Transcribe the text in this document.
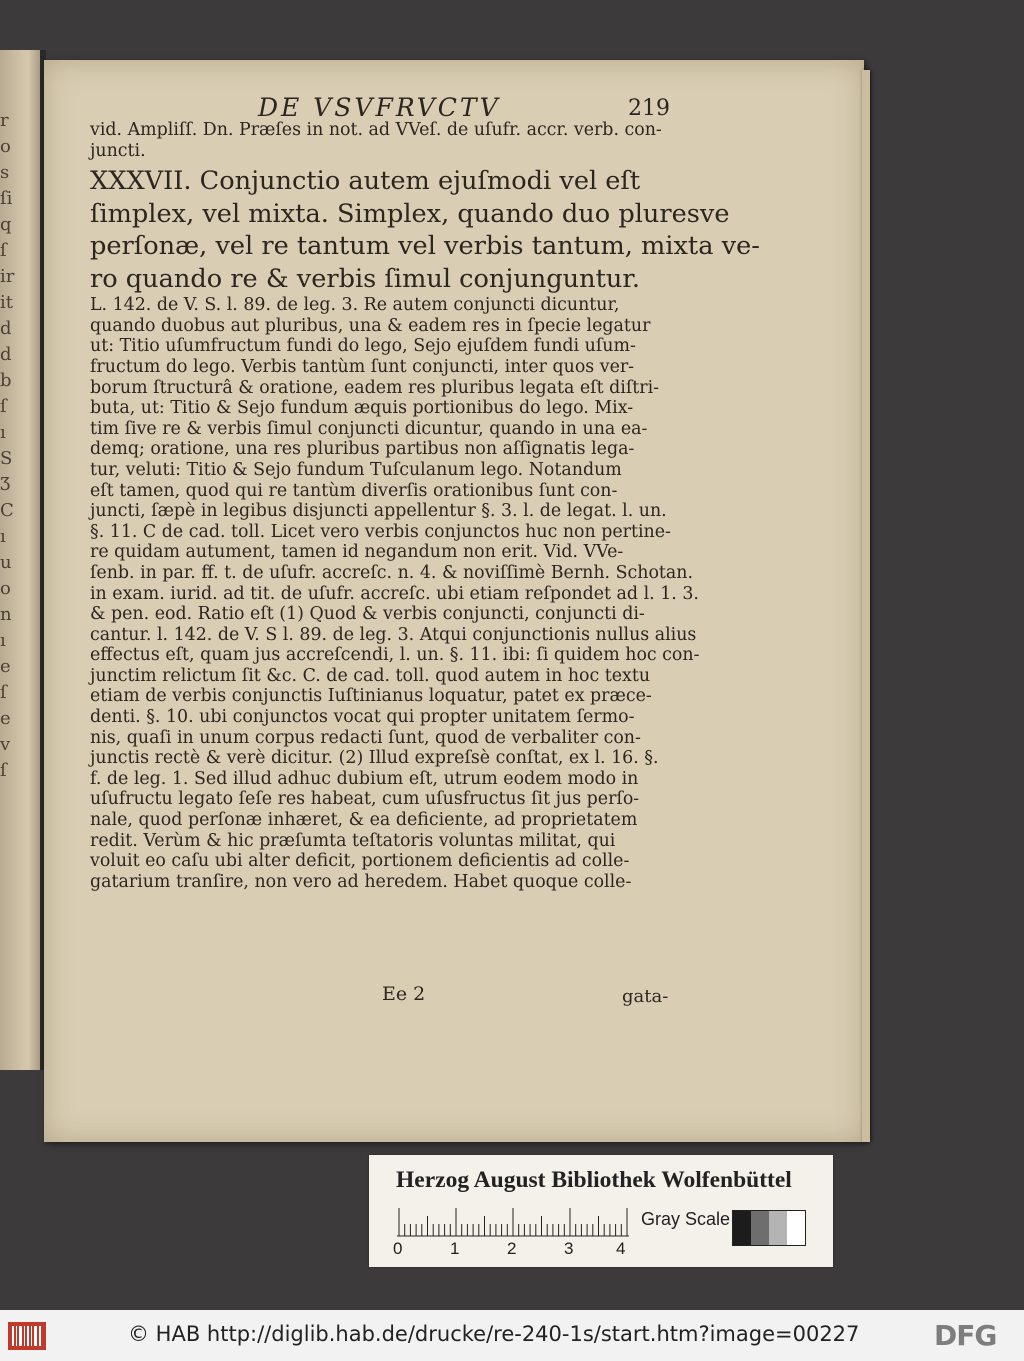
r
o
s
ſi
q
ſ
ir
it
d
d
b
ſ
ı
S
Ʒ
C
ı
u
o
n
ı
e
ſ
e
v
ſ
DE VSVFRVCTV	219
vid. Ampliſſ. Dn. Præſes in not. ad VVeſ. de uſufr. accr. verb. con-
juncti.
XXXVII. Conjunctio autem ejuſmodi vel eſt
ſimplex, vel mixta. Simplex, quando duo pluresve
perſonæ, vel re tantum vel verbis tantum, mixta ve-
ro quando re & verbis ſimul conjunguntur.
L. 142. de V. S. l. 89. de leg. 3. Re autem conjuncti dicuntur,
quando duobus aut pluribus, una & eadem res in ſpecie legatur
ut: Titio uſumfructum fundi do lego, Sejo ejuſdem fundi uſum-
fructum do lego. Verbis tantùm ſunt conjuncti, inter quos ver-
borum ſtructurâ & oratione, eadem res pluribus legata eſt diſtri-
buta, ut: Titio & Sejo fundum æquis portionibus do lego. Mix-
tim ſive re & verbis ſimul conjuncti dicuntur, quando in una ea-
demq; oratione, una res pluribus partibus non aſſignatis lega-
tur, veluti: Titio & Sejo fundum Tuſculanum lego. Notandum
eſt tamen, quod qui re tantùm diverſis orationibus ſunt con-
juncti, ſæpè in legibus disjuncti appellentur §. 3. l. de legat. l. un.
§. 11. C de cad. toll. Licet vero verbis conjunctos huc non pertine-
re quidam autument, tamen id negandum non erit. Vid. VVe-
ſenb. in par. ff. t. de uſufr. accreſc. n. 4. & noviſſimè Bernh. Schotan.
in exam. iurid. ad tit. de uſufr. accreſc. ubi etiam reſpondet ad l. 1. 3.
& pen. eod. Ratio eſt (1) Quod & verbis conjuncti, conjuncti di-
cantur. l. 142. de V. S l. 89. de leg. 3. Atqui conjunctionis nullus alius
effectus eſt, quam jus accreſcendi, l. un. §. 11. ibi: ſi quidem hoc con-
junctim relictum ſit &c. C. de cad. toll. quod autem in hoc textu
etiam de verbis conjunctis Iuſtinianus loquatur, patet ex præce-
denti. §. 10. ubi conjunctos vocat qui propter unitatem ſermo-
nis, quaſi in unum corpus redacti ſunt, quod de verbaliter con-
junctis rectè & verè dicitur. (2) Illud expreſsè conſtat, ex l. 16. §.
f. de leg. 1. Sed illud adhuc dubium eſt, utrum eodem modo in
uſufructu legato ſeſe res habeat, cum uſusfructus ſit jus perſo-
nale, quod perſonæ inhæret, & ea deficiente, ad proprietatem
redit. Verùm & hic præſumta teſtatoris voluntas militat, qui
voluit eo caſu ubi alter deficit, portionem deficientis ad colle-
gatarium tranſire, non vero ad heredem. Habet quoque colle-
Ee 2	gata-
Herzog August Bibliothek Wolfenbüttel
0	1	2	3	4
Gray Scale
© HAB http://diglib.hab.de/drucke/re-240-1s/start.htm?image=00227	DFG
